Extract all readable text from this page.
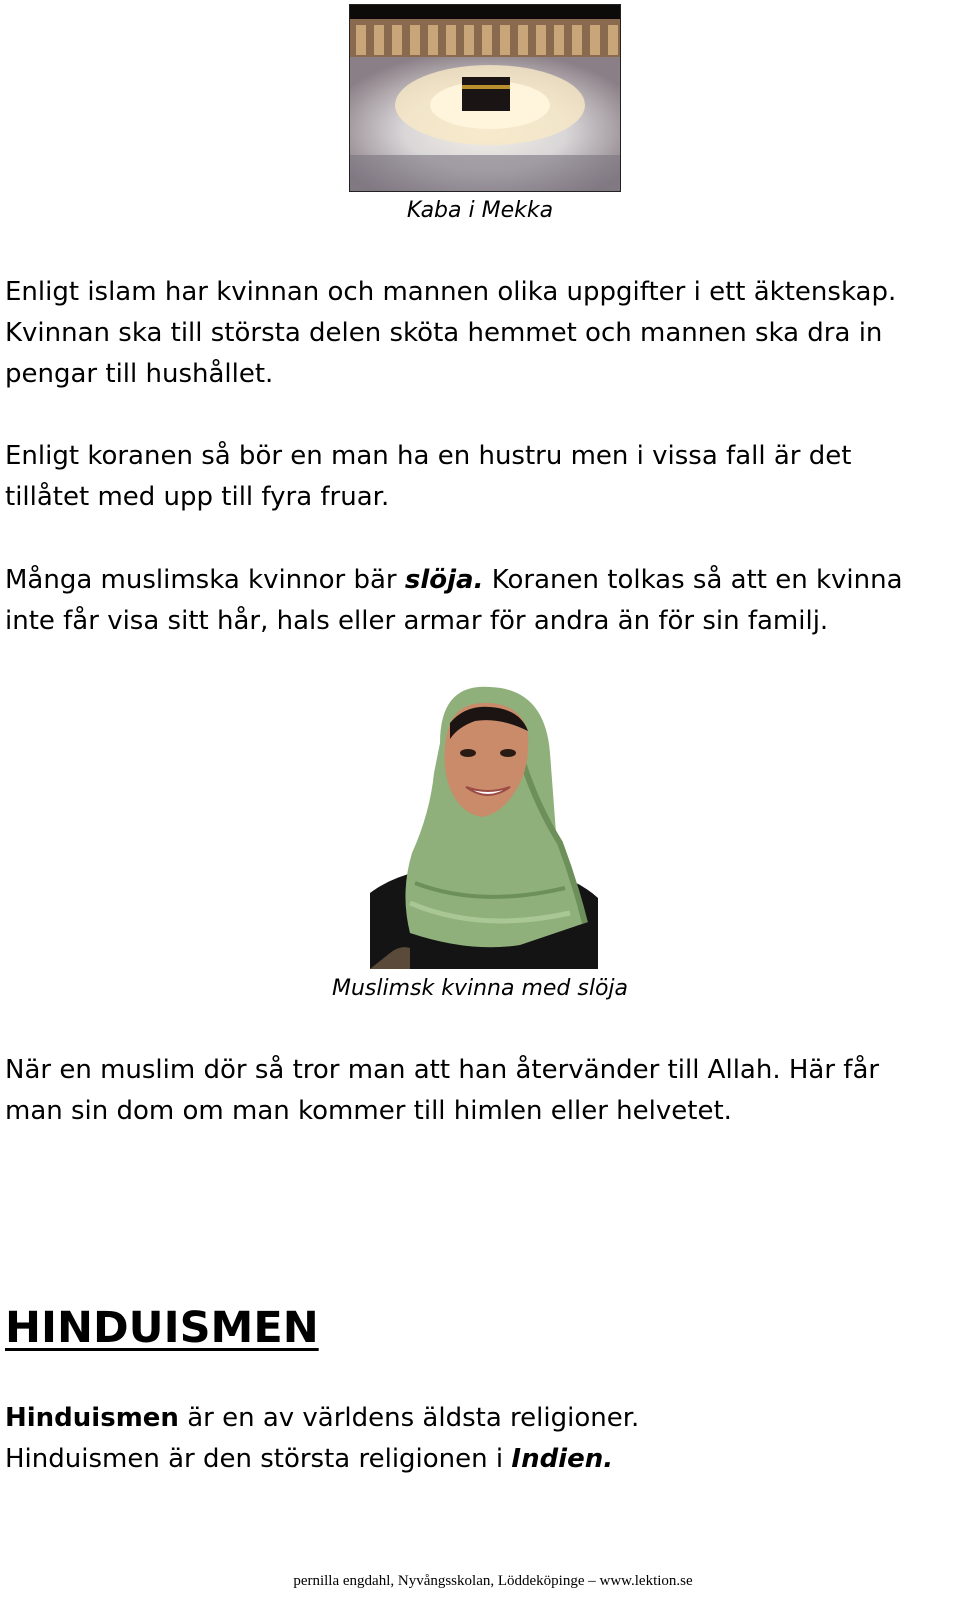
Kaba i Mekka
Enligt islam har kvinnan och mannen olika uppgifter i ett äktenskap.
Kvinnan ska till största delen sköta hemmet och mannen ska dra in
pengar till hushållet.
Enligt koranen så bör en man ha en hustru men i vissa fall är det
tillåtet med upp till fyra fruar.
Många muslimska kvinnor bär slöja. Koranen tolkas så att en kvinna
inte får visa sitt hår, hals eller armar för andra än för sin familj.
Muslimsk kvinna med slöja
När en muslim dör så tror man att han återvänder till Allah. Här får
man sin dom om man kommer till himlen eller helvetet.
HINDUISMEN
Hinduismen är en av världens äldsta religioner.
Hinduismen är den största religionen i Indien.
pernilla engdahl, Nyvångsskolan, Löddeköpinge – www.lektion.se
